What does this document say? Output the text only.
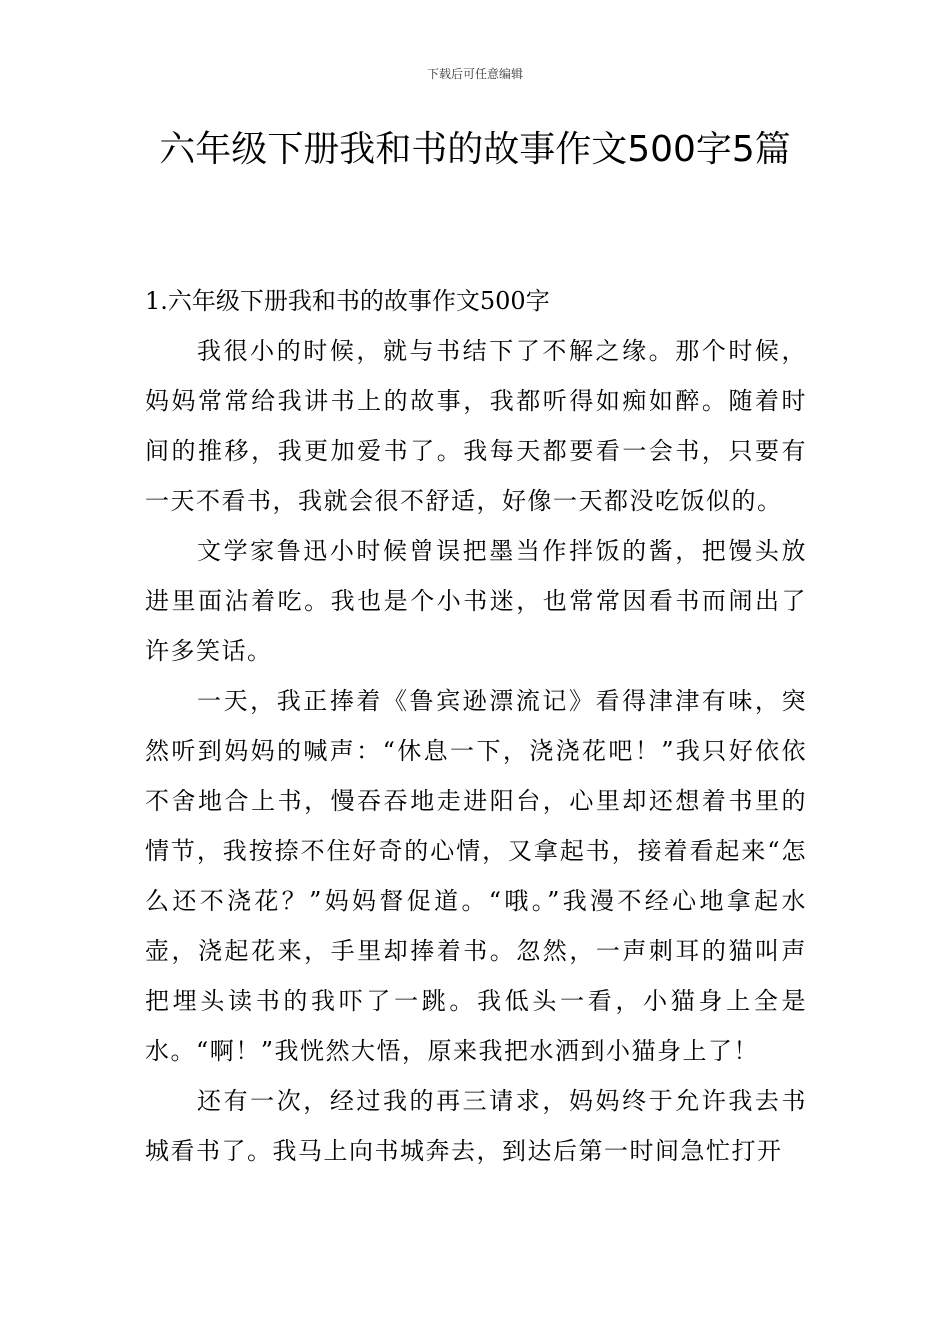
下载后可任意编辑
六年级下册我和书的故事作文500字5篇
1.六年级下册我和书的故事作文500字

我很小的时候，就与书结下了不解之缘。那个时候，妈妈常常给我讲书上的故事，我都听得如痴如醉。随着时间的推移，我更加爱书了。我每天都要看一会书，只要有一天不看书，我就会很不舒适，好像一天都没吃饭似的。

文学家鲁迅小时候曾误把墨当作拌饭的酱，把馒头放进里面沾着吃。我也是个小书迷，也常常因看书而闹出了许多笑话。

一天，我正捧着《鲁宾逊漂流记》看得津津有味，突然听到妈妈的喊声：“休息一下，浇浇花吧！”我只好依依不舍地合上书，慢吞吞地走进阳台，心里却还想着书里的情节，我按捺不住好奇的心情，又拿起书，接着看起来“怎么还不浇花？”妈妈督促道。“哦。”我漫不经心地拿起水壶，浇起花来，手里却捧着书。忽然，一声刺耳的猫叫声把埋头读书的我吓了一跳。我低头一看，小猫身上全是水。“啊！”我恍然大悟，原来我把水洒到小猫身上了！

还有一次，经过我的再三请求，妈妈终于允许我去书城看书了。我马上向书城奔去，到达后第一时间急忙打开
